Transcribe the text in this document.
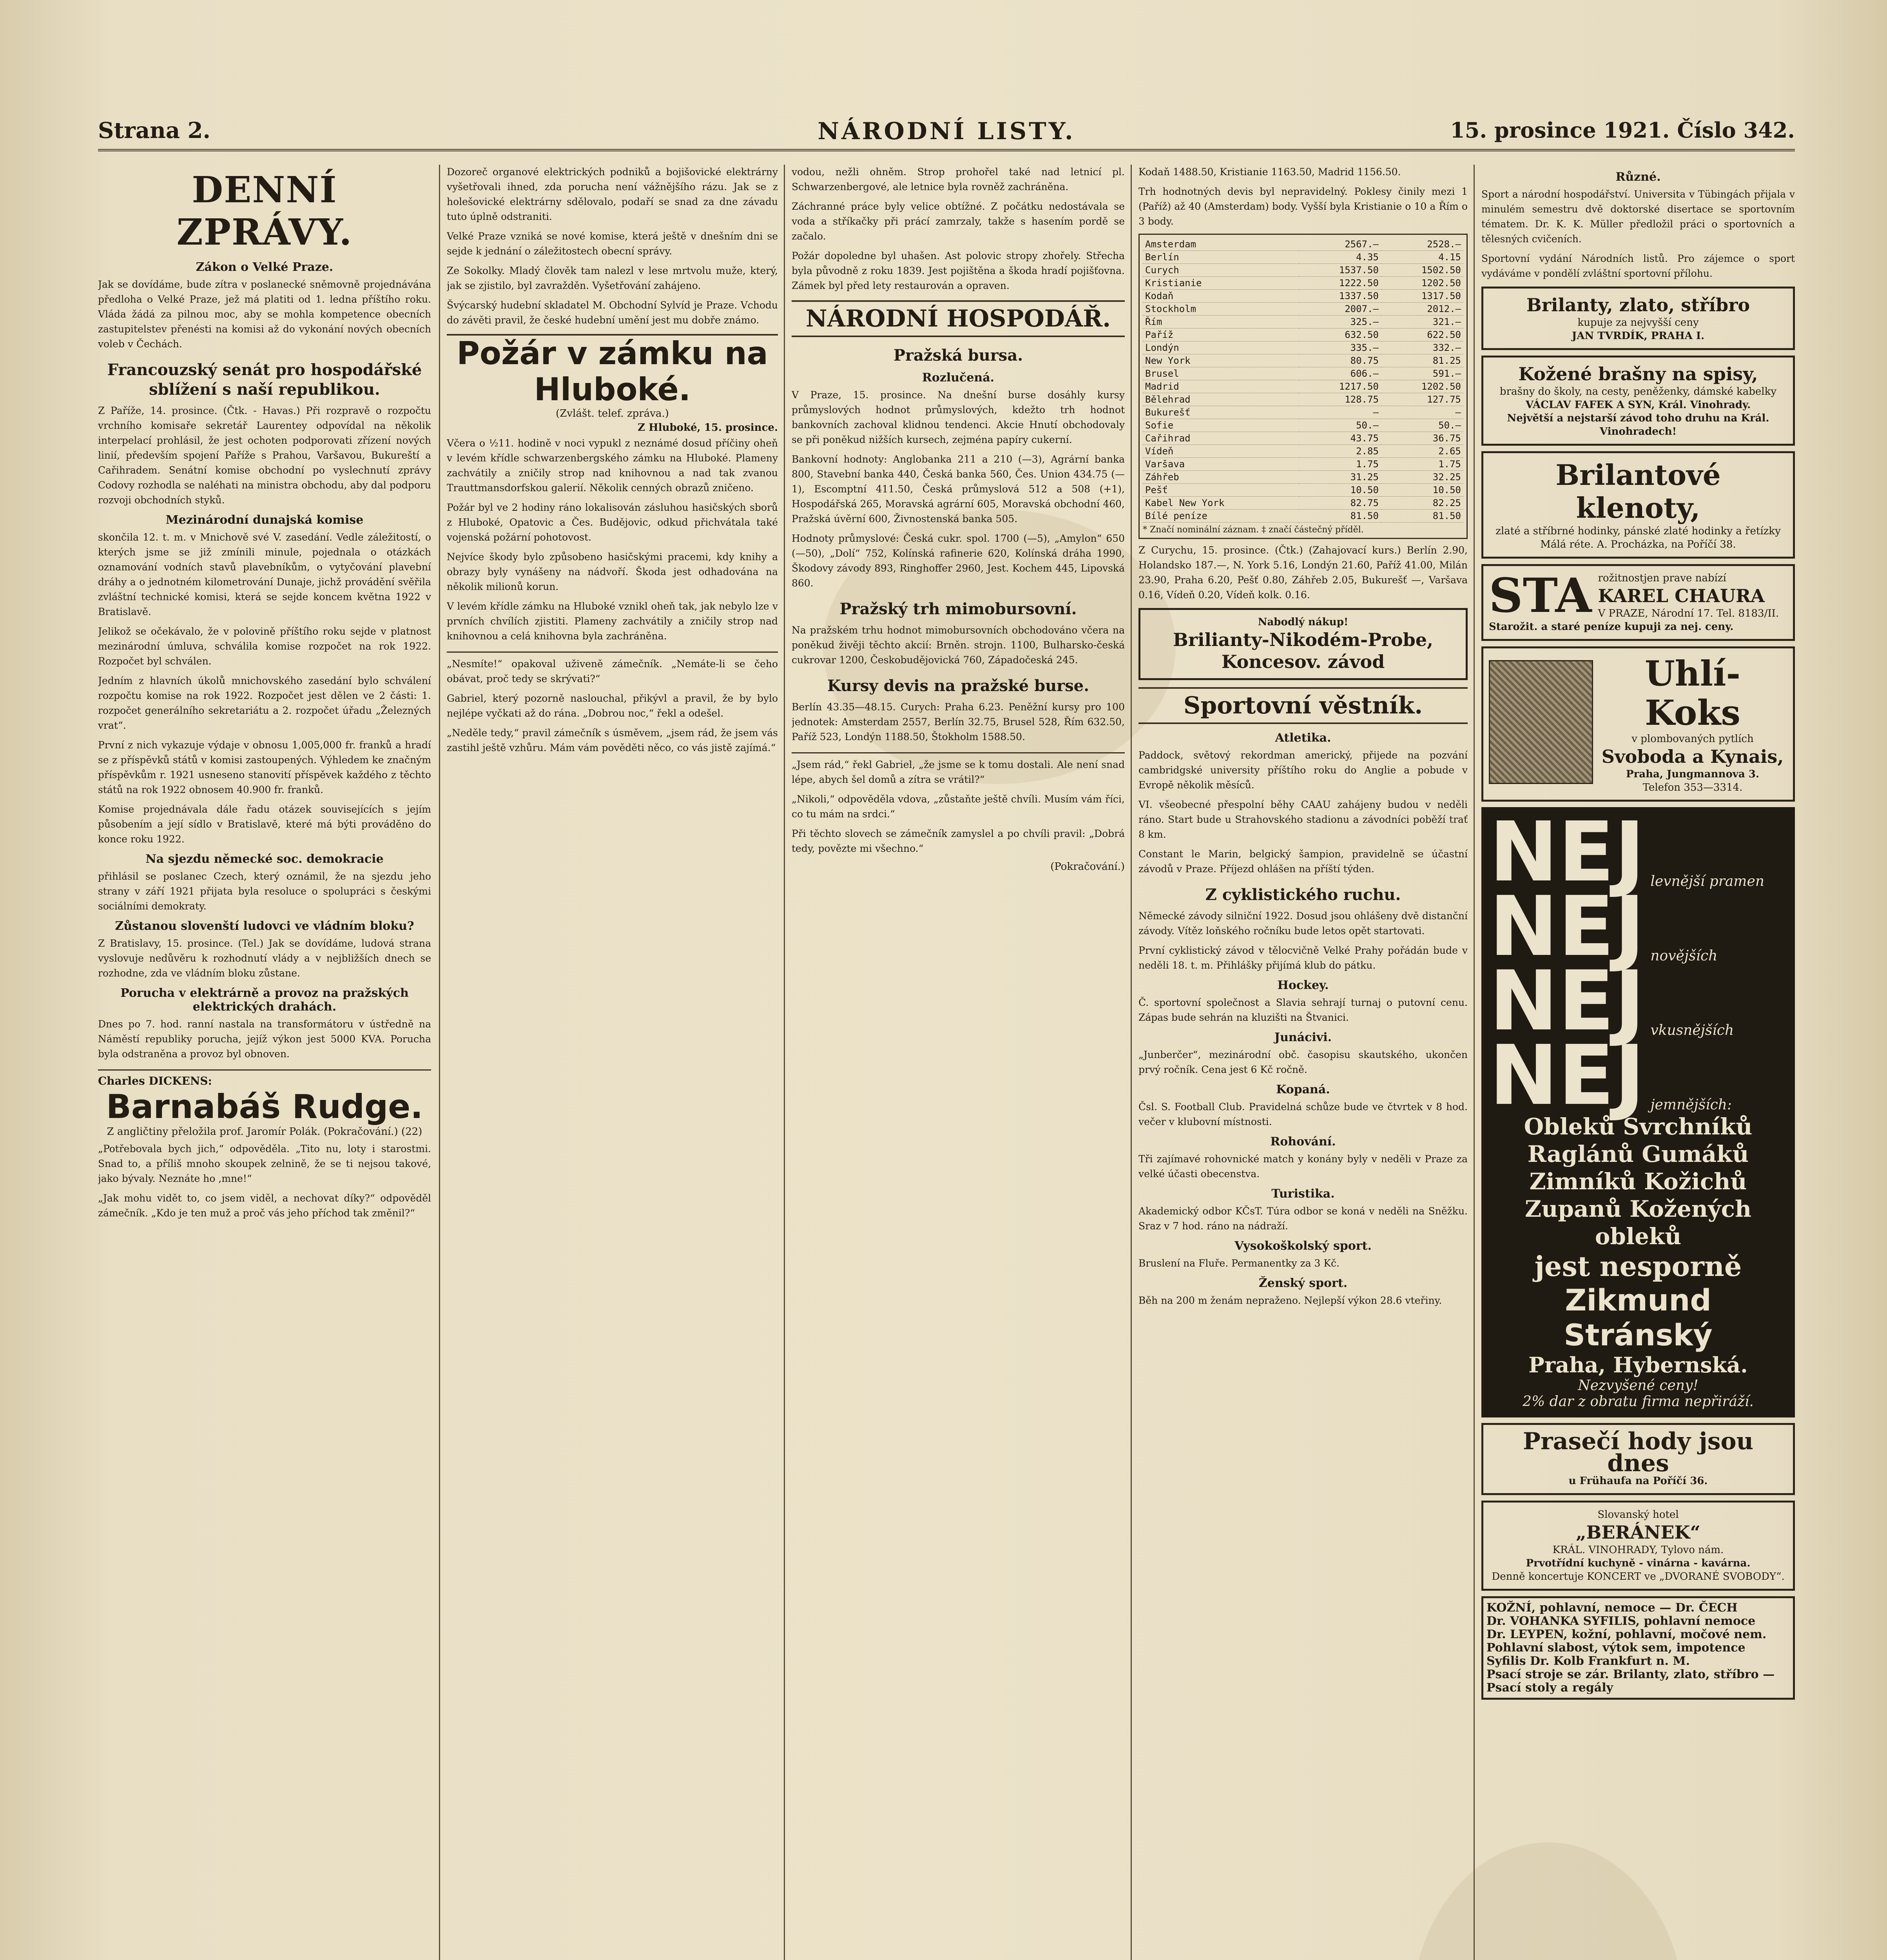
Strana 2.	NÁRODNÍ LISTY.	15. prosince 1921. Číslo 342.
DENNÍ ZPRÁVY.
Zákon o Velké Praze.

Jak se dovídáme, bude zítra v poslanecké sněmovně projednávána předloha o Velké Praze, jež má platiti od 1. ledna příštího roku. Vláda žádá za pilnou moc, aby se mohla kompetence obecních zastupitelstev přenésti na komisi až do vykonání nových obecních voleb v Čechách.

Francouzský senát pro hospodářské sblížení s naší republikou.

Z Paříže, 14. prosince. (Čtk. - Havas.) Při rozpravě o rozpočtu vrchního komisaře sekretář Laurentey odpovídal na několik interpelací prohlásil, že jest ochoten podporovati zřízení nových linií, především spojení Paříže s Prahou, Varšavou, Bukureští a Cařihradem. Senátní komise obchodní po vyslechnutí zprávy Codovy rozhodla se naléhati na ministra obchodu, aby dal podporu rozvoji obchodních styků.

Mezinárodní dunajská komise

skončila 12. t. m. v Mnichově své V. zasedání. Vedle záležitostí, o kterých jsme se již zmínili minule, pojednala o otázkách oznamování vodních stavů plavebníkům, o vytyčování plavební dráhy a o jednotném kilometrování Dunaje, jichž provádění svěřila zvláštní technické komisi, která se sejde koncem května 1922 v Bratislavě.

Jelikož se očekávalo, že v polovině příštího roku sejde v platnost mezinárodní úmluva, schválila komise rozpočet na rok 1922. Rozpočet byl schválen.

Jedním z hlavních úkolů mnichovského zasedání bylo schválení rozpočtu komise na rok 1922. Rozpočet jest dělen ve 2 části: 1. rozpočet generálního sekretariátu a 2. rozpočet úřadu „Železných vrat“.

První z nich vykazuje výdaje v obnosu 1,005,000 fr. franků a hradí se z příspěvků států v komisi zastoupených. Výhledem ke značným příspěvkům r. 1921 usneseno stanovití příspěvek každého z těchto států na rok 1922 obnosem 40.900 fr. franků.

Komise projednávala dále řadu otázek souvisejících s jejím působením a její sídlo v Bratislavě, které má býti prováděno do konce roku 1922.

Na sjezdu německé soc. demokracie

přihlásil se poslanec Czech, který oznámil, že na sjezdu jeho strany v září 1921 přijata byla resoluce o spolupráci s českými sociálními demokraty.

Zůstanou slovenští ludovci ve vládním bloku?

Z Bratislavy, 15. prosince. (Tel.) Jak se dovídáme, ludová strana vyslovuje nedůvěru k rozhodnutí vlády a v nejbližších dnech se rozhodne, zda ve vládním bloku zůstane.

Porucha v elektrárně a provoz na pražských elektrických drahách.

Dnes po 7. hod. ranní nastala na transformátoru v ústředně na Náměstí republiky porucha, jejíž výkon jest 5000 KVA. Porucha byla odstraněna a provoz byl obnoven.

Charles DICKENS:
Barnabáš Rudge.
Z angličtiny přeložila prof. Jaromír Polák. (Pokračování.) (22)

„Potřebovala bych jich,“ odpověděla. „Tito nu, loty i starostmi. Snad to, a příliš mnoho skoupek zelnině, že se ti nejsou takové, jako bývaly. Neznáte ho ,mne!“

„Jak mohu vidět to, co jsem viděl, a nechovat díky?“ odpověděl zámečník. „Kdo je ten muž a proč vás jeho příchod tak změnil?“

Dozoreč organové elektrických podniků a bojišovické elektrárny vyšetřovali ihned, zda porucha není vážnějšího rázu. Jak se z holešovické elektrárny sdělovalo, podaří se snad za dne závadu tuto úplně odstraniti.

Velké Praze vzniká se nové komise, která ještě v dnešním dni se sejde k jednání o záležitostech obecní správy.

Ze Sokolky. Mladý člověk tam nalezl v lese mrtvolu muže, který, jak se zjistilo, byl zavražděn. Vyšetřování zahájeno.

Švýcarský hudební skladatel M. Obchodní Sylvíd je Praze. Vchodu do závěti pravil, že české hudební umění jest mu dobře známo.

Požár v zámku na Hluboké.
(Zvlášt. telef. zpráva.)
Z Hluboké, 15. prosince.

Včera o ½11. hodině v noci vypukl z neznámé dosud příčiny oheň v levém křídle schwarzenbergského zámku na Hluboké. Plameny zachvátily a zničily strop nad knihovnou a nad tak zvanou Trauttmansdorfskou galerií. Několik cenných obrazů zničeno.

Požár byl ve 2 hodiny ráno lokalisován zásluhou hasičských sborů z Hluboké, Opatovic a Čes. Budějovic, odkud přichvátala také vojenská požární pohotovost.

Nejvíce škody bylo způsobeno hasičskými pracemi, kdy knihy a obrazy byly vynášeny na nádvoří. Škoda jest odhadována na několik milionů korun.

V levém křídle zámku na Hluboké vznikl oheň tak, jak nebylo lze v prvních chvílích zjistiti. Plameny zachvátily a zničily strop nad knihovnou a celá knihovna byla zachráněna.

„Nesmíte!“ opakoval uživeně zámečník. „Nemáte-li se čeho obávat, proč tedy se skrývati?“

Gabriel, který pozorně naslouchal, přikývl a pravil, že by bylo nejlépe vyčkati až do rána. „Dobrou noc,“ řekl a odešel.

„Neděle tedy,“ pravil zámečník s úsměvem, „jsem rád, že jsem vás zastihl ještě vzhůru. Mám vám pověděti něco, co vás jistě zajímá.“

vodou, nežli ohněm. Strop prohořel také nad letnicí pl. Schwarzenbergové, ale letnice byla rovněž zachráněna.

Záchranné práce byly velice obtížné. Z počátku nedostávala se voda a stříkačky při prácí zamrzaly, takže s hasením pordě se začalo.

Požár dopoledne byl uhašen. Ast polovic stropy zhořely. Střecha byla původně z roku 1839. Jest pojištěna a škoda hradí pojišťovna. Zámek byl před lety restaurován a opraven.

NÁRODNÍ HOSPODÁŘ.
Pražská bursa.
Rozlučená.

V Praze, 15. prosince. Na dnešní burse dosáhly kursy průmyslových hodnot průmyslových, kdežto trh hodnot bankovních zachoval klidnou tendenci. Akcie Hnutí obchodovaly se při poněkud nižších kursech, zejména papíry cukerní.

Bankovní hodnoty: Anglobanka 211 a 210 (—3), Agrární banka 800, Stavební banka 440, Česká banka 560, Čes. Union 434.75 (—1), Escomptní 411.50, Česká průmyslová 512 a 508 (+1), Hospodářská 265, Moravská agrární 605, Moravská obchodní 460, Pražská úvěrní 600, Živnostenská banka 505.

Hodnoty průmyslové: Česká cukr. spol. 1700 (—5), „Amylon“ 650 (—50), „Dolí“ 752, Kolínská rafinerie 620, Kolínská dráha 1990, Škodovy závody 893, Ringhoffer 2960, Jest. Kochem 445, Lipovská 860.

Pražský trh mimobursovní.

Na pražském trhu hodnot mimobursovních obchodováno včera na poněkud živěji těchto akcií: Brněn. strojn. 1100, Bulharsko-česká cukrovar 1200, Českobudějovická 760, Západočeská 245.

Kursy devis na pražské burse.

Berlín 43.35—48.15. Curych: Praha 6.23. Peněžní kursy pro 100 jednotek: Amsterdam 2557, Berlín 32.75, Brusel 528, Řím 632.50, Paříž 523, Londýn 1188.50, Štokholm 1588.50.

„Jsem rád,“ řekl Gabriel, „že jsme se k tomu dostali. Ale není snad lépe, abych šel domů a zítra se vrátil?“

„Nikoli,“ odpověděla vdova, „zůstaňte ještě chvíli. Musím vám říci, co tu mám na srdci.“

Při těchto slovech se zámečník zamyslel a po chvíli pravil: „Dobrá tedy, povězte mi všechno.“

(Pokračování.)

Kodaň 1488.50, Kristianie 1163.50, Madrid 1156.50.

Trh hodnotných devis byl nepravidelný. Poklesy činily mezi 1 (Paříž) až 40 (Amsterdam) body. Vyšší byla Kristianie o 10 a Řím o 3 body.

Amsterdam	2567.—	2528.—
Berlín	4.35	4.15
Curych	1537.50	1502.50
Kristianie	1222.50	1202.50
Kodaň	1337.50	1317.50
Stockholm	2007.—	2012.—
Řím	325.—	321.—
Paříž	632.50	622.50
Londýn	335.—	332.—
New York	80.75	81.25
Brusel	606.—	591.—
Madrid	1217.50	1202.50
Bělehrad	128.75	127.75
Bukurešť	—	—
Sofie	50.—	50.—
Cařihrad	43.75	36.75
Vídeň	2.85	2.65
Varšava	1.75	1.75
Záhřeb	31.25	32.25
Pešť	10.50	10.50
Kabel New York	82.75	82.25
Bílé peníze	81.50	81.50
* Značí nominální záznam. ‡ značí částečný příděl.

Z Curychu, 15. prosince. (Čtk.) (Zahajovací kurs.) Berlín 2.90, Holandsko 187.—, N. York 5.16, Londýn 21.60, Paříž 41.00, Milán 23.90, Praha 6.20, Pešť 0.80, Záhřeb 2.05, Bukurešť —, Varšava 0.16, Vídeň 0.20, Vídeň kolk. 0.16.

Nabodlý nákup!
Brilianty-Nikodém-Probe, Koncesov. závod
Sportovní věstník.
Atletika.

Paddock, světový rekordman americký, přijede na pozvání cambridgské university příštího roku do Anglie a pobude v Evropě několik měsíců.

VI. všeobecné přespolní běhy CAAU zahájeny budou v neděli ráno. Start bude u Strahovského stadionu a závodníci poběží trať 8 km.

Constant le Marin, belgický šampion, pravidelně se účastní závodů v Praze. Příjezd ohlášen na příští týden.

Z cyklistického ruchu.

Německé závody silniční 1922. Dosud jsou ohlášeny dvě distanční závody. Vítěz loňského ročníku bude letos opět startovati.

První cyklistický závod v tělocvičně Velké Prahy pořádán bude v neděli 18. t. m. Přihlášky přijímá klub do pátku.

Hockey.

Č. sportovní společnost a Slavia sehrají turnaj o putovní cenu. Zápas bude sehrán na kluzišti na Štvanici.

Junácivi.

„Junberčer“, mezinárodní obč. časopisu skautského, ukončen prvý ročník. Cena jest 6 Kč ročně.

Kopaná.

Čsl. S. Football Club. Pravidelná schůze bude ve čtvrtek v 8 hod. večer v klubovní místnosti.

Rohování.

Tři zajímavé rohovnické match y konány byly v neděli v Praze za velké účasti obecenstva.

Turistika.

Akademický odbor KČsT. Túra odbor se koná v neděli na Sněžku. Sraz v 7 hod. ráno na nádraží.

Vysokoškolský sport.

Bruslení na Fluře. Permanentky za 3 Kč.

Ženský sport.

Běh na 200 m ženám nepraženo. Nejlepší výkon 28.6 vteřiny.

Různé.

Sport a národní hospodářství. Universita v Tübingách přijala v minulém semestru dvě doktorské disertace se sportovním tématem. Dr. K. K. Müller předložil práci o sportovních a tělesných cvičeních.

Sportovní vydání Národních listů. Pro zájemce o sport vydáváme v pondělí zvláštní sportovní přílohu.

Brilanty, zlato, stříbro
kupuje za nejvyšší ceny
JAN TVRDÍK, PRAHA I.
Kožené brašny na spisy,
brašny do školy, na cesty, peněženky, dámské kabelky
VÁCLAV FAFEK A SYN, Král. Vinohrady.
Největší a nejstarší závod toho druhu na Král. Vinohradech!
Brilantové klenoty,
zlaté a stříbrné hodinky, pánské zlaté hodinky a řetízky
Málá réte. A. Procházka, na Poříčí 38.
STA rožitnostjen prave nabízí
KAREL CHAURA
V PRAZE, Národní 17. Tel. 8183/II.
Starožit. a staré peníze kupuji za nej. ceny.
Uhlí-Koks
v plombovaných pytlích
Svoboda a Kynais,
Praha, Jungmannova 3.
Telefon 353—3314.
NEJ levnější pramen
NEJ novějších
NEJ vkusnějších
NEJ jemnějších:
Obleků Svrchníků Raglánů Gumáků Zimníků Kožichů Zupanů Kožených obleků
jest nesporně
Zikmund Stránský
Praha, Hybernská.
Nezvyšené ceny!
2% dar z obratu firma nepřiráží.
Prasečí hody jsou dnes
u Frühaufa na Poříčí 36.
Slovanský hotel
„BERÁNEK“
KRÁL. VINOHRADY, Tylovo nám.
Prvotřídní kuchyně - vinárna - kavárna.
Denně koncertuje KONCERT ve „DVORANÉ SVOBODY“.
KOŽNÍ, pohlavní, nemoce — Dr. ČECH
Dr. VOHANKA SYFILIS, pohlavní nemoce
Dr. LEYPEN, kožní, pohlavní, močové nem.
Pohlavní slabost, výtok sem, impotence
Syfilis Dr. Kolb Frankfurt n. M.
Psací stroje se zár. Brilanty, zlato, stříbro — Psací stoly a regály
